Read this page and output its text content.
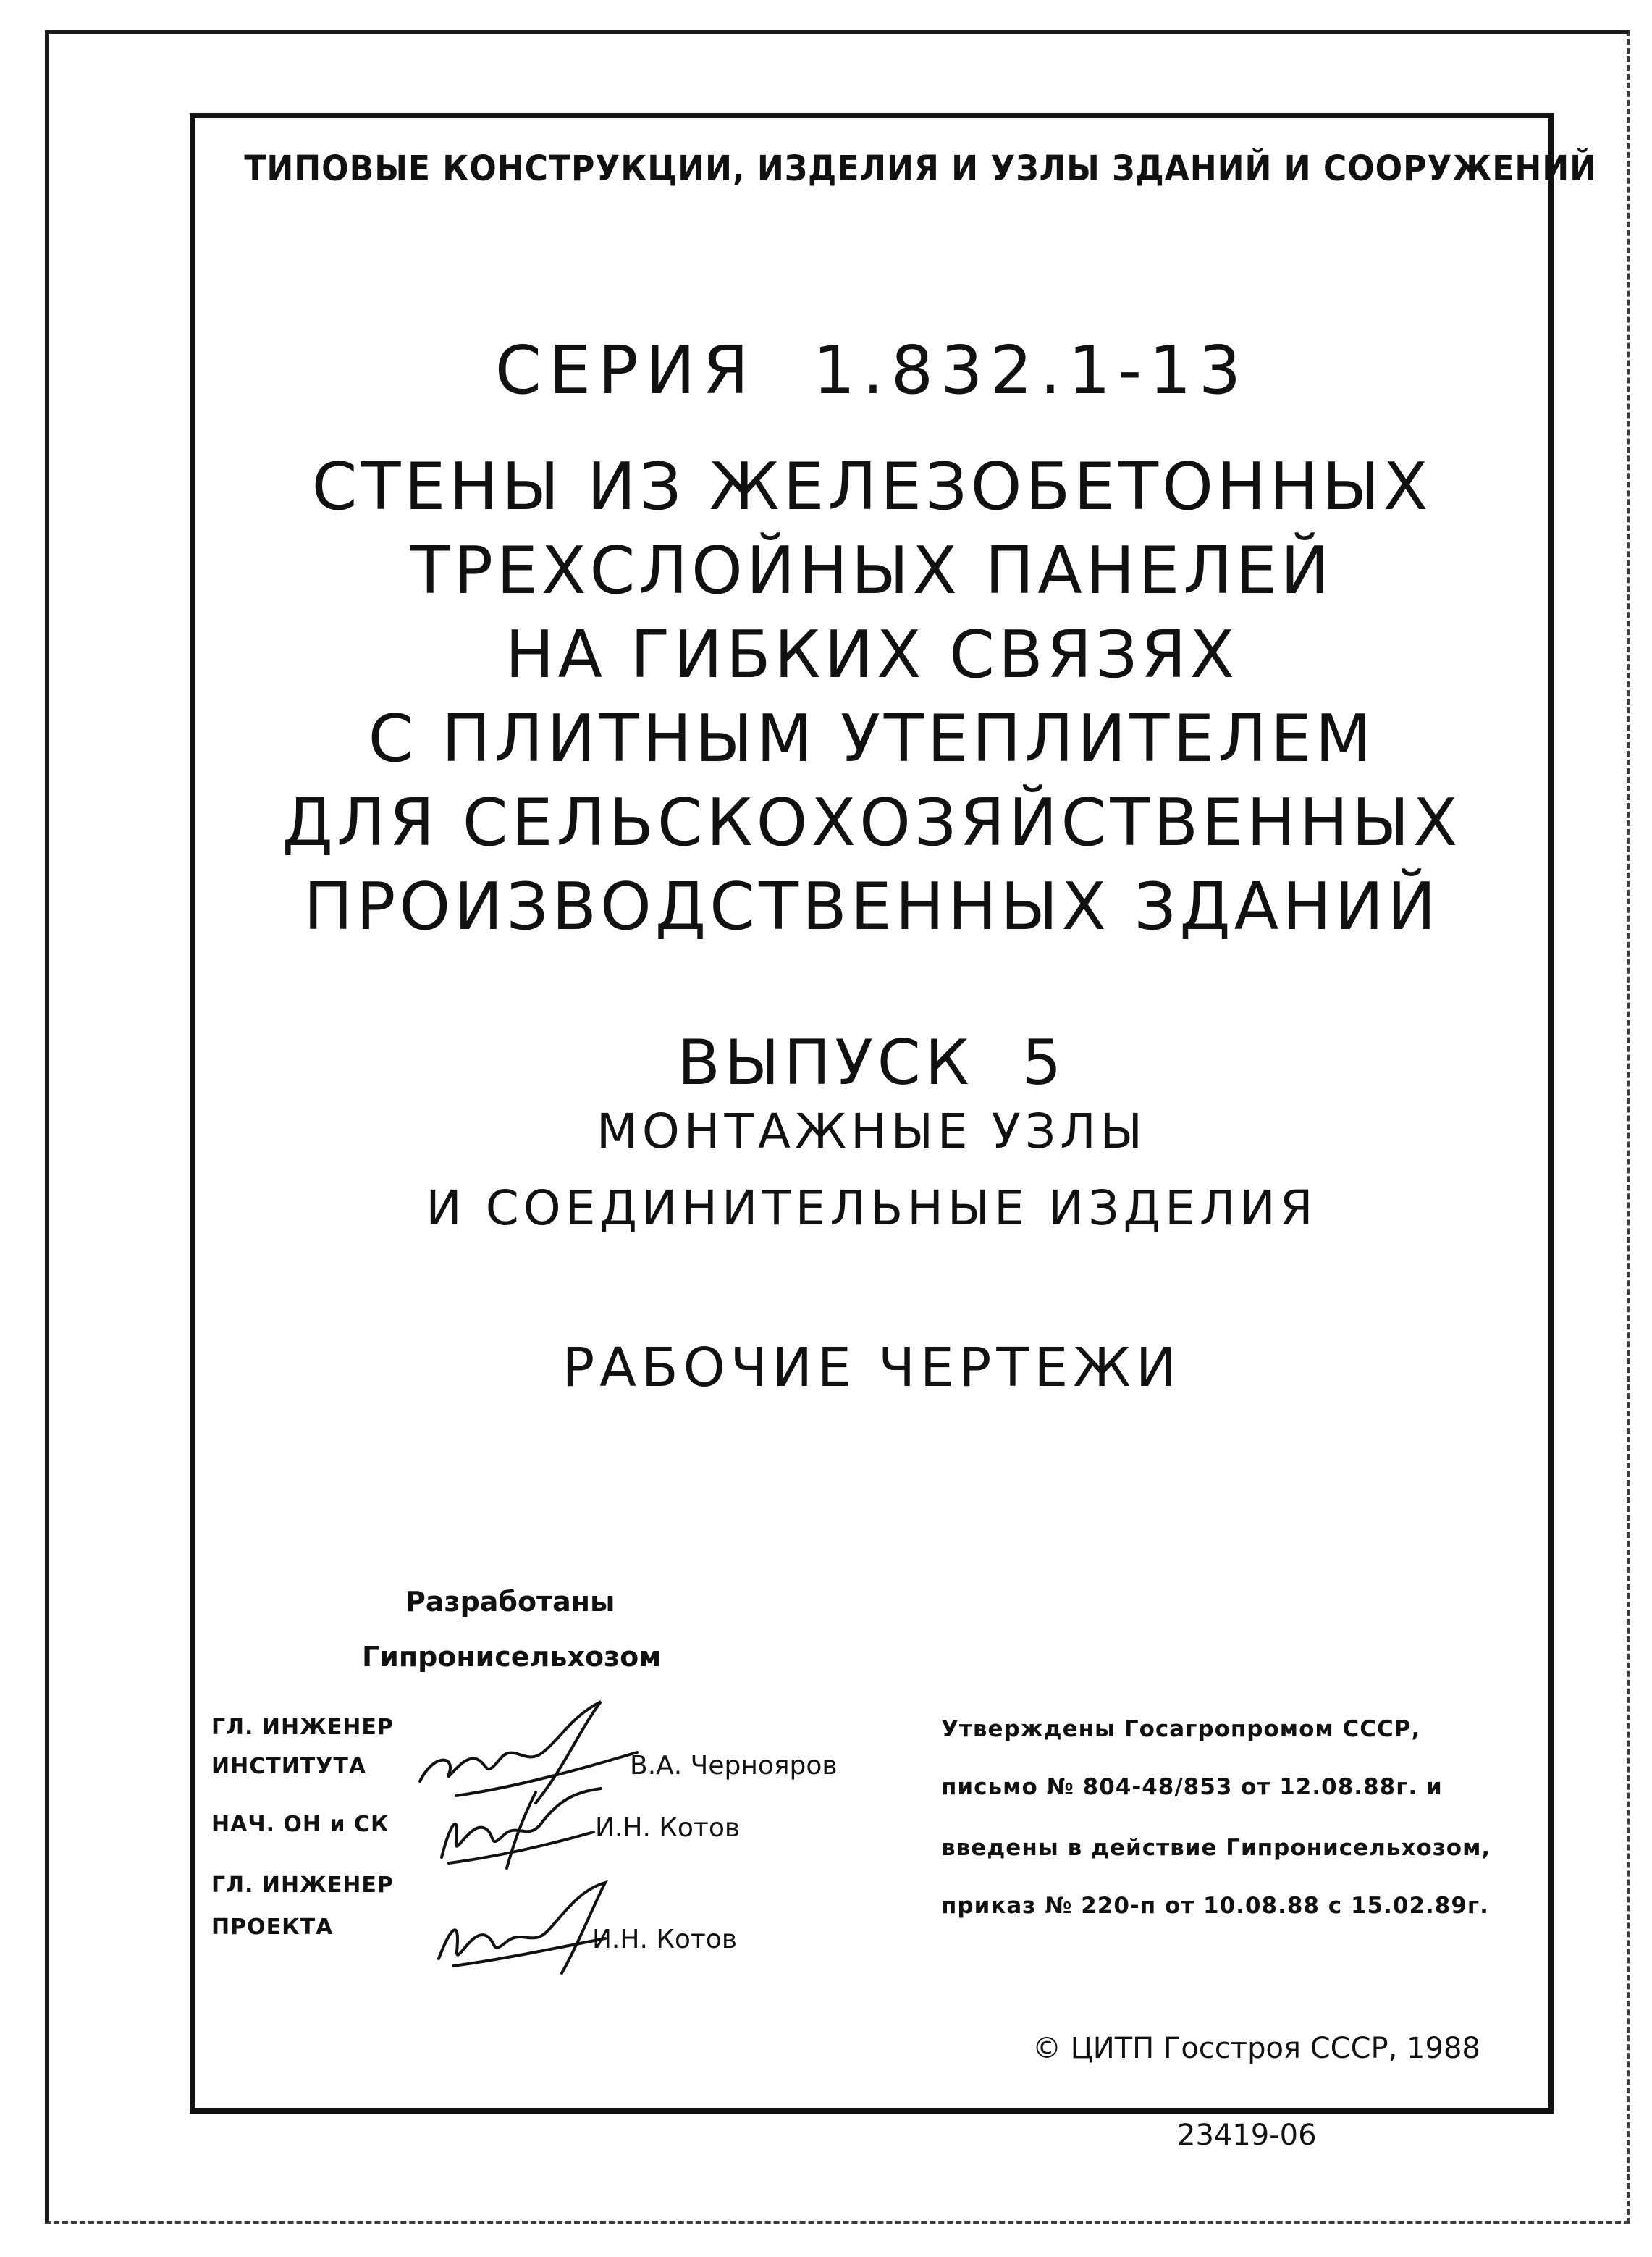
ТИПОВЫЕ КОНСТРУКЦИИ, ИЗДЕЛИЯ И УЗЛЫ ЗДАНИЙ И СООРУЖЕНИЙ
СЕРИЯ 1.832.1-13
СТЕНЫ ИЗ ЖЕЛЕЗОБЕТОННЫХ
ТРЕХСЛОЙНЫХ ПАНЕЛЕЙ
НА ГИБКИХ СВЯЗЯХ
С ПЛИТНЫМ УТЕПЛИТЕЛЕМ
ДЛЯ СЕЛЬСКОХОЗЯЙСТВЕННЫХ
ПРОИЗВОДСТВЕННЫХ ЗДАНИЙ
ВЫПУСК 5
МОНТАЖНЫЕ УЗЛЫ
И СОЕДИНИТЕЛЬНЫЕ ИЗДЕЛИЯ
РАБОЧИЕ ЧЕРТЕЖИ
Разработаны
Гипронисельхозом
ГЛ. ИНЖЕНЕР
ИНСТИТУТА	В.А. Чернояров
НАЧ. ОН и СК	И.Н. Котов
ГЛ. ИНЖЕНЕР
ПРОЕКТА	И.Н. Котов
Утверждены Госагропромом СССР,
письмо № 804-48/853 от 12.08.88г. и
введены в действие Гипронисельхозом,
приказ № 220-п от 10.08.88 с 15.02.89г.
© ЦИТП Госстроя СССР, 1988
23419-06
